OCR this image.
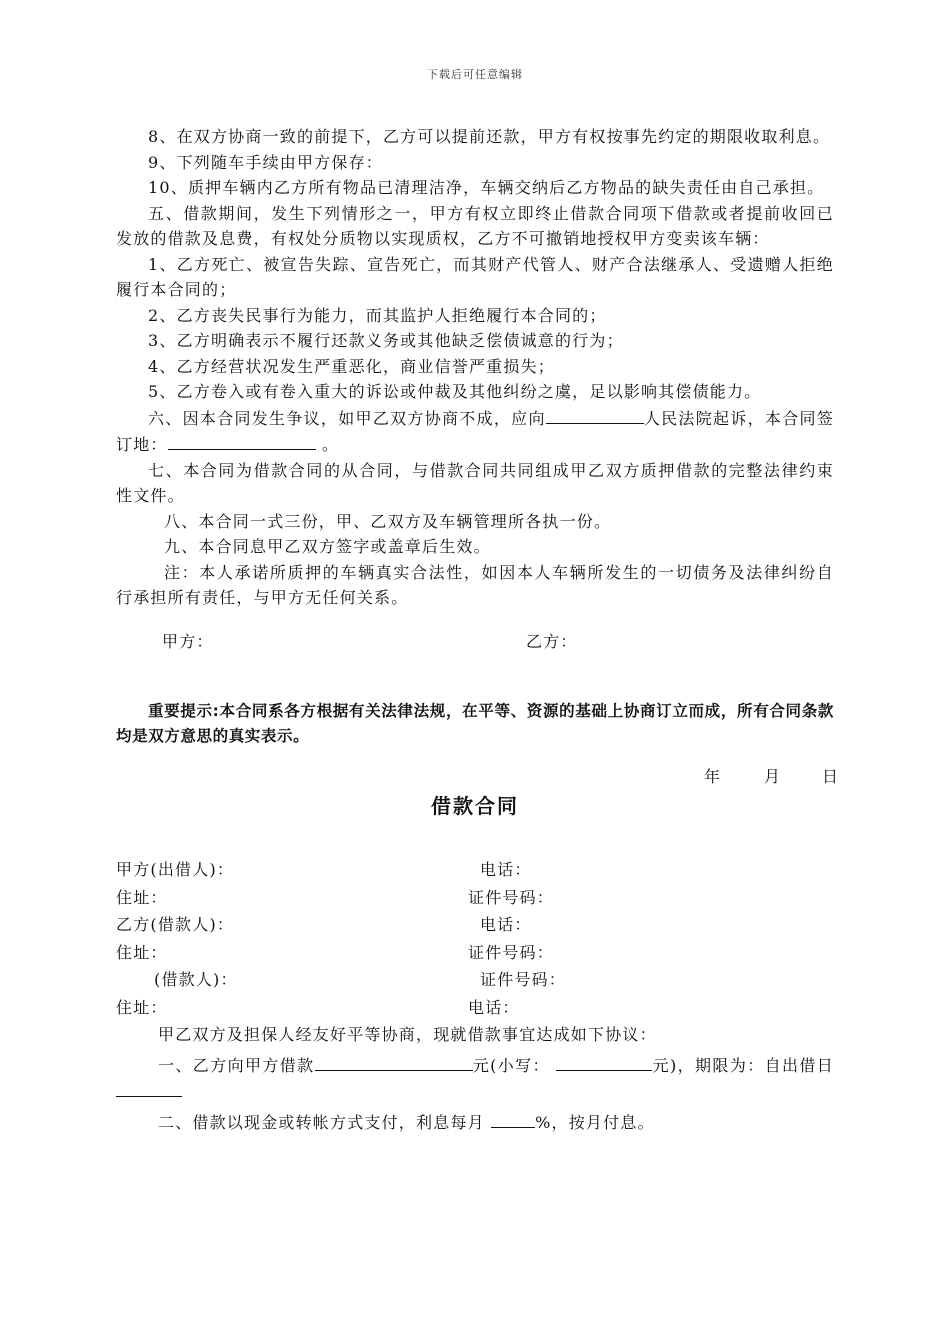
下载后可任意编辑

8、在双方协商一致的前提下，乙方可以提前还款，甲方有权按事先约定的期限收取利息。

9、下列随车手续由甲方保存：

10、质押车辆内乙方所有物品已清理洁净，车辆交纳后乙方物品的缺失责任由自己承担。

五、借款期间，发生下列情形之一，甲方有权立即终止借款合同项下借款或者提前收回已发放的借款及息费，有权处分质物以实现质权，乙方不可撤销地授权甲方变卖该车辆：

1、乙方死亡、被宣告失踪、宣告死亡，而其财产代管人、财产合法继承人、受遗赠人拒绝履行本合同的；

2、乙方丧失民事行为能力，而其监护人拒绝履行本合同的；

3、乙方明确表示不履行还款义务或其他缺乏偿债诚意的行为；

4、乙方经营状况发生严重恶化，商业信誉严重损失；

5、乙方卷入或有卷入重大的诉讼或仲裁及其他纠纷之虞，足以影响其偿债能力。

六、因本合同发生争议，如甲乙双方协商不成，应向	人民法院起诉，本合同签订地：	。

七、本合同为借款合同的从合同，与借款合同共同组成甲乙双方质押借款的完整法律约束性文件。

八、本合同一式三份，甲、乙双方及车辆管理所各执一份。

九、本合同息甲乙双方签字或盖章后生效。

注：本人承诺所质押的车辆真实合法性，如因本人车辆所发生的一切债务及法律纠纷自行承担所有责任，与甲方无任何关系。

甲方：	乙方：

重要提示:本合同系各方根据有关法律法规，在平等、资源的基础上协商订立而成，所有合同条款均是双方意思的真实表示。

年	月	日
借款合同
甲方(出借人)：	电话：
住址：	证件号码：
乙方(借款人)：	电话：
住址：	证件号码：
(借款人)：	证件号码：
住址：	电话：

甲乙双方及担保人经友好平等协商，现就借款事宜达成如下协议：

一、乙方向甲方借款	元(小写：	元)，期限为：自出借日

二、借款以现金或转帐方式支付，利息每月	%，按月付息。
